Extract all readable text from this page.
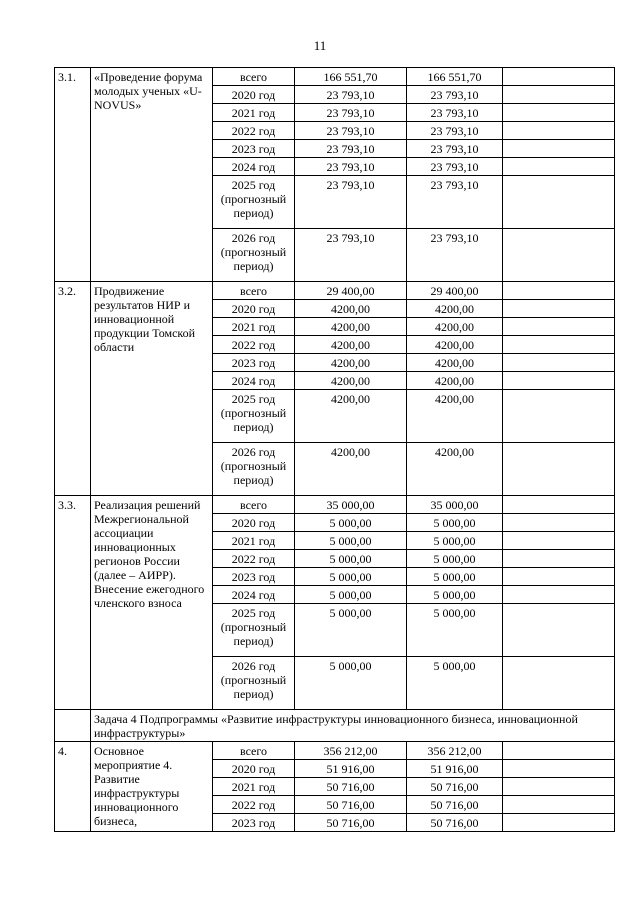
11
3.1.	«Проведение форума молодых ученых «U-NOVUS»	всего	166 551,70	166 551,70	
		2020 год	23 793,10	23 793,10	
		2021 год	23 793,10	23 793,10	
		2022 год	23 793,10	23 793,10	
		2023 год	23 793,10	23 793,10	
		2024 год	23 793,10	23 793,10	
		2025 год (прогнозный период)	23 793,10	23 793,10	
		2026 год (прогнозный период)	23 793,10	23 793,10	
3.2.	Продвижение результатов НИР и инновационной продукции Томской области	всего	29 400,00	29 400,00	
		2020 год	4200,00	4200,00	
		2021 год	4200,00	4200,00	
		2022 год	4200,00	4200,00	
		2023 год	4200,00	4200,00	
		2024 год	4200,00	4200,00	
		2025 год (прогнозный период)	4200,00	4200,00	
		2026 год (прогнозный период)	4200,00	4200,00	
3.3.	Реализация решений Межрегиональной ассоциации инновационных регионов России (далее – АИРР). Внесение ежегодного членского взноса	всего	35 000,00	35 000,00	
		2020 год	5 000,00	5 000,00	
		2021 год	5 000,00	5 000,00	
		2022 год	5 000,00	5 000,00	
		2023 год	5 000,00	5 000,00	
		2024 год	5 000,00	5 000,00	
		2025 год (прогнозный период)	5 000,00	5 000,00	
		2026 год (прогнозный период)	5 000,00	5 000,00	
	Задача 4 Подпрограммы «Развитие инфраструктуры инновационного бизнеса, инновационной инфраструктуры»				
4.	Основное мероприятие 4. Развитие инфраструктуры инновационного бизнеса,	всего	356 212,00	356 212,00	
		2020 год	51 916,00	51 916,00	
		2021 год	50 716,00	50 716,00	
		2022 год	50 716,00	50 716,00	
		2023 год	50 716,00	50 716,00	
